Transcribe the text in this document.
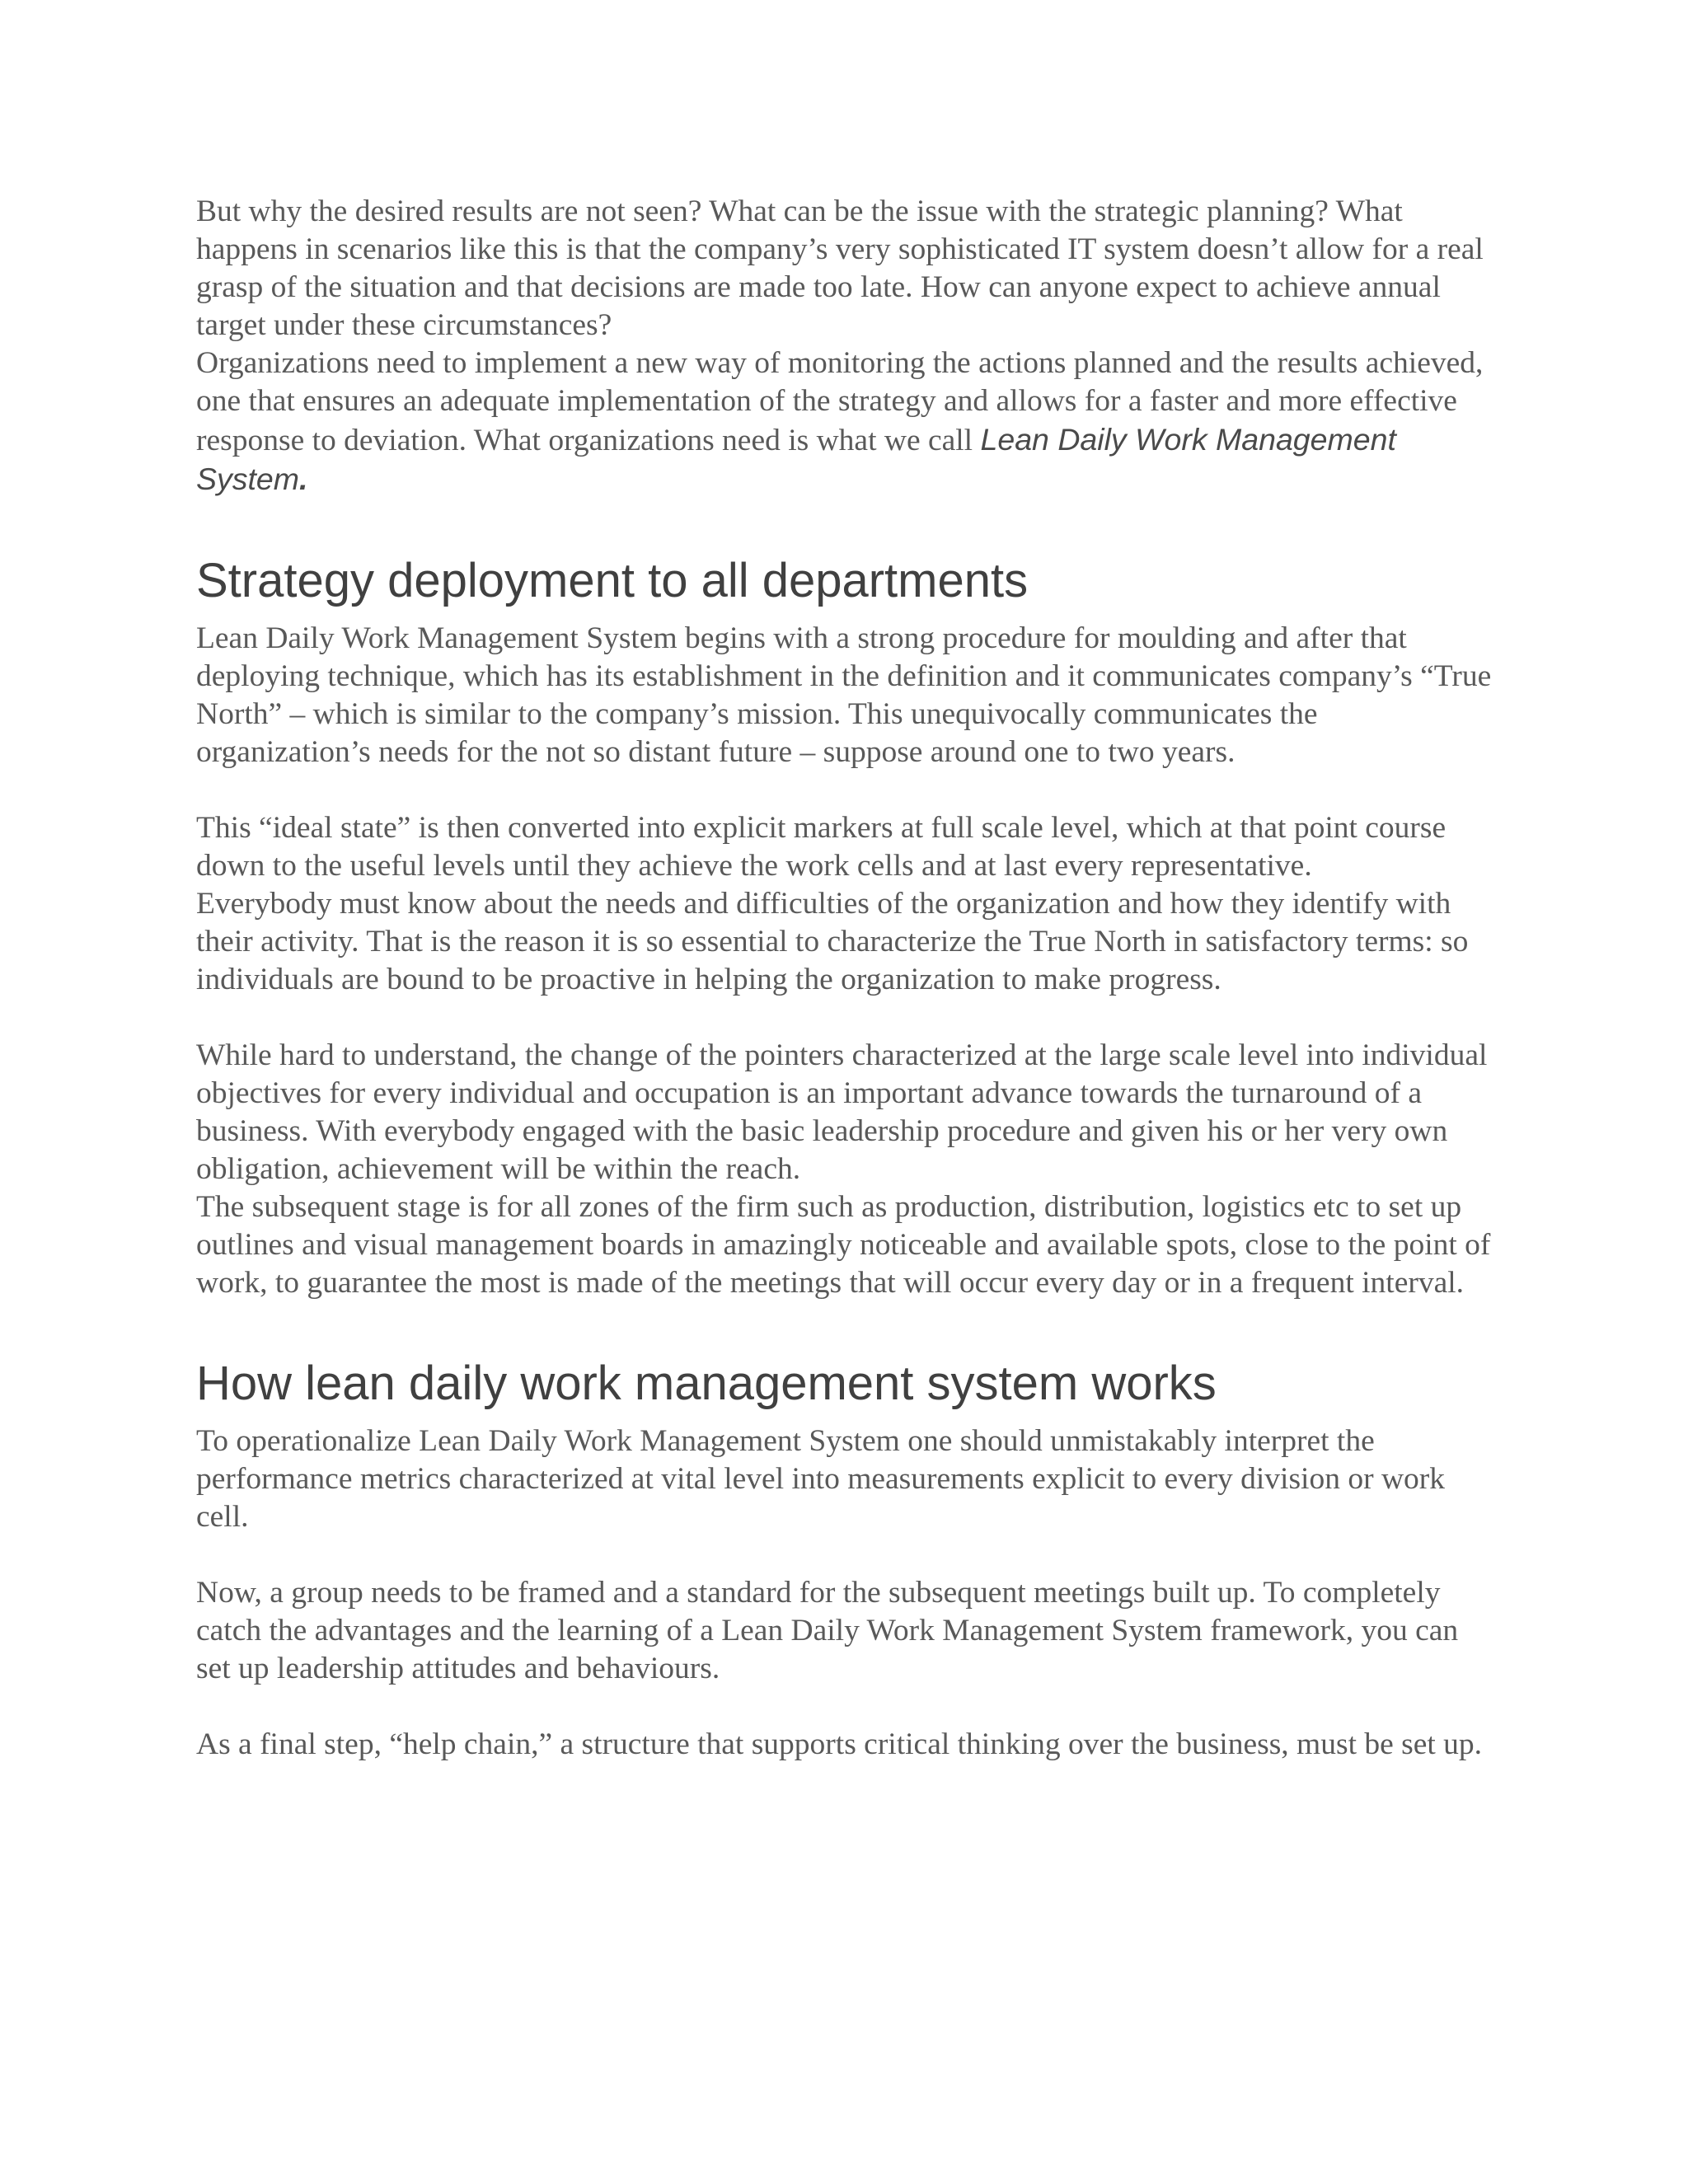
But why the desired results are not seen? What can be the issue with the strategic planning? What happens in scenarios like this is that the company’s very sophisticated IT system doesn’t allow for a real grasp of the situation and that decisions are made too late. How can anyone expect to achieve annual target under these circumstances?

Organizations need to implement a new way of monitoring the actions planned and the results achieved, one that ensures an adequate implementation of the strategy and allows for a faster and more effective response to deviation. What organizations need is what we call Lean Daily Work Management System.

Strategy deployment to all departments

Lean Daily Work Management System begins with a strong procedure for moulding and after that deploying technique, which has its establishment in the definition and it communicates company’s “True North” – which is similar to the company’s mission. This unequivocally communicates the organization’s needs for the not so distant future – suppose around one to two years.

This “ideal state” is then converted into explicit markers at full scale level, which at that point course down to the useful levels until they achieve the work cells and at last every representative.

Everybody must know about the needs and difficulties of the organization and how they identify with their activity. That is the reason it is so essential to characterize the True North in satisfactory terms: so individuals are bound to be proactive in helping the organization to make progress.

While hard to understand, the change of the pointers characterized at the large scale level into individual objectives for every individual and occupation is an important advance towards the turnaround of a business. With everybody engaged with the basic leadership procedure and given his or her very own obligation, achievement will be within the reach.

The subsequent stage is for all zones of the firm such as production, distribution, logistics etc to set up outlines and visual management boards in amazingly noticeable and available spots, close to the point of work, to guarantee the most is made of the meetings that will occur every day or in a frequent interval.

How lean daily work management system works

To operationalize Lean Daily Work Management System one should unmistakably interpret the performance metrics characterized at vital level into measurements explicit to every division or work cell.

Now, a group needs to be framed and a standard for the subsequent meetings built up. To completely catch the advantages and the learning of a Lean Daily Work Management System framework, you can set up leadership attitudes and behaviours.

As a final step, “help chain,” a structure that supports critical thinking over the business, must be set up.
